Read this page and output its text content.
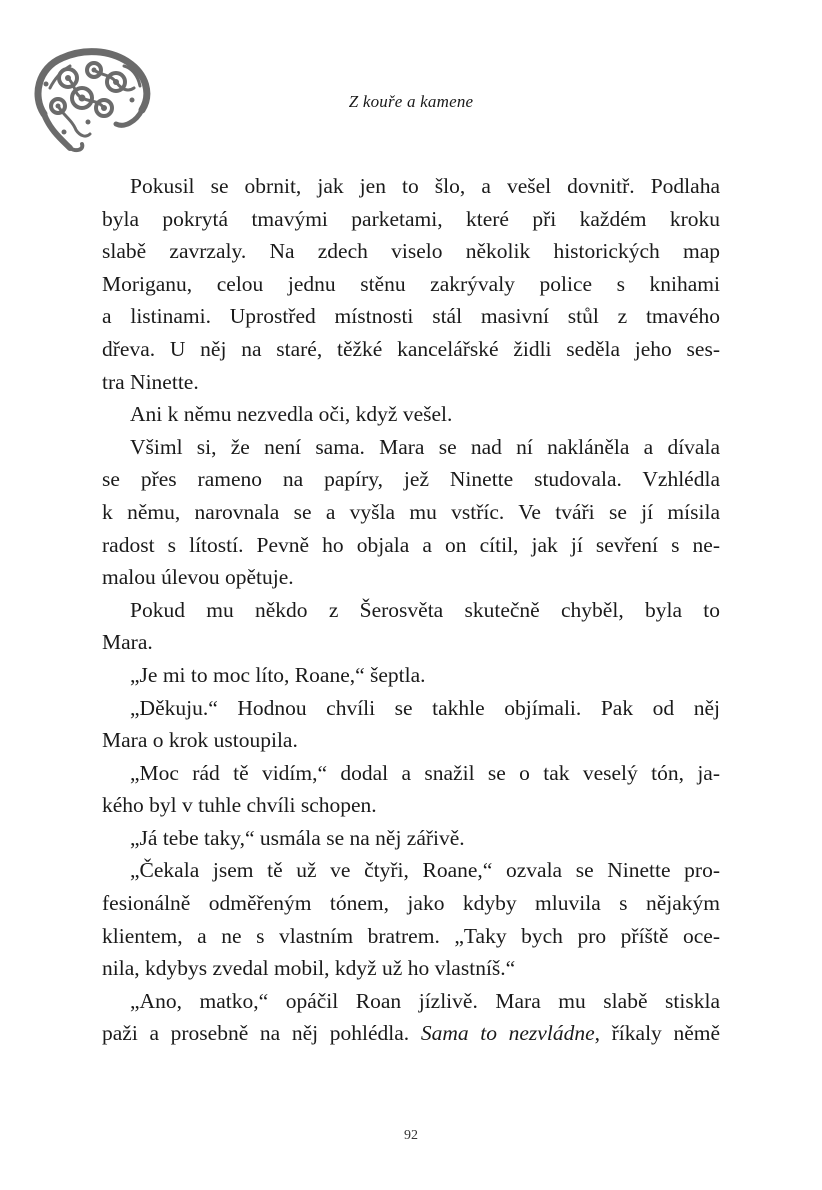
Z kouře a kamene
Pokusil se obrnit, jak jen to šlo, a vešel dovnitř. Podlaha
byla pokrytá tmavými parketami, které při každém kroku
slabě zavrzaly. Na zdech viselo několik historických map
Moriganu, celou jednu stěnu zakrývaly police s knihami
a listinami. Uprostřed místnosti stál masivní stůl z tmavého
dřeva. U něj na staré, těžké kancelářské židli seděla jeho ses-
tra Ninette.
Ani k němu nezvedla oči, když vešel.
Všiml si, že není sama. Mara se nad ní nakláněla a dívala
se přes rameno na papíry, jež Ninette studovala. Vzhlédla
k němu, narovnala se a vyšla mu vstříc. Ve tváři se jí mísila
radost s lítostí. Pevně ho objala a on cítil, jak jí sevření s ne-
malou úlevou opětuje.
Pokud mu někdo z Šerosvěta skutečně chyběl, byla to
Mara.
„Je mi to moc líto, Roane,“ šeptla.
„Děkuju.“ Hodnou chvíli se takhle objímali. Pak od něj
Mara o krok ustoupila.
„Moc rád tě vidím,“ dodal a snažil se o tak veselý tón, ja-
kého byl v tuhle chvíli schopen.
„Já tebe taky,“ usmála se na něj zářivě.
„Čekala jsem tě už ve čtyři, Roane,“ ozvala se Ninette pro-
fesionálně odměřeným tónem, jako kdyby mluvila s nějakým
klientem, a ne s vlastním bratrem. „Taky bych pro příště oce-
nila, kdybys zvedal mobil, když už ho vlastníš.“
„Ano, matko,“ opáčil Roan jízlivě. Mara mu slabě stiskla
paži a prosebně na něj pohlédla. Sama to nezvládne, říkaly němě
92
